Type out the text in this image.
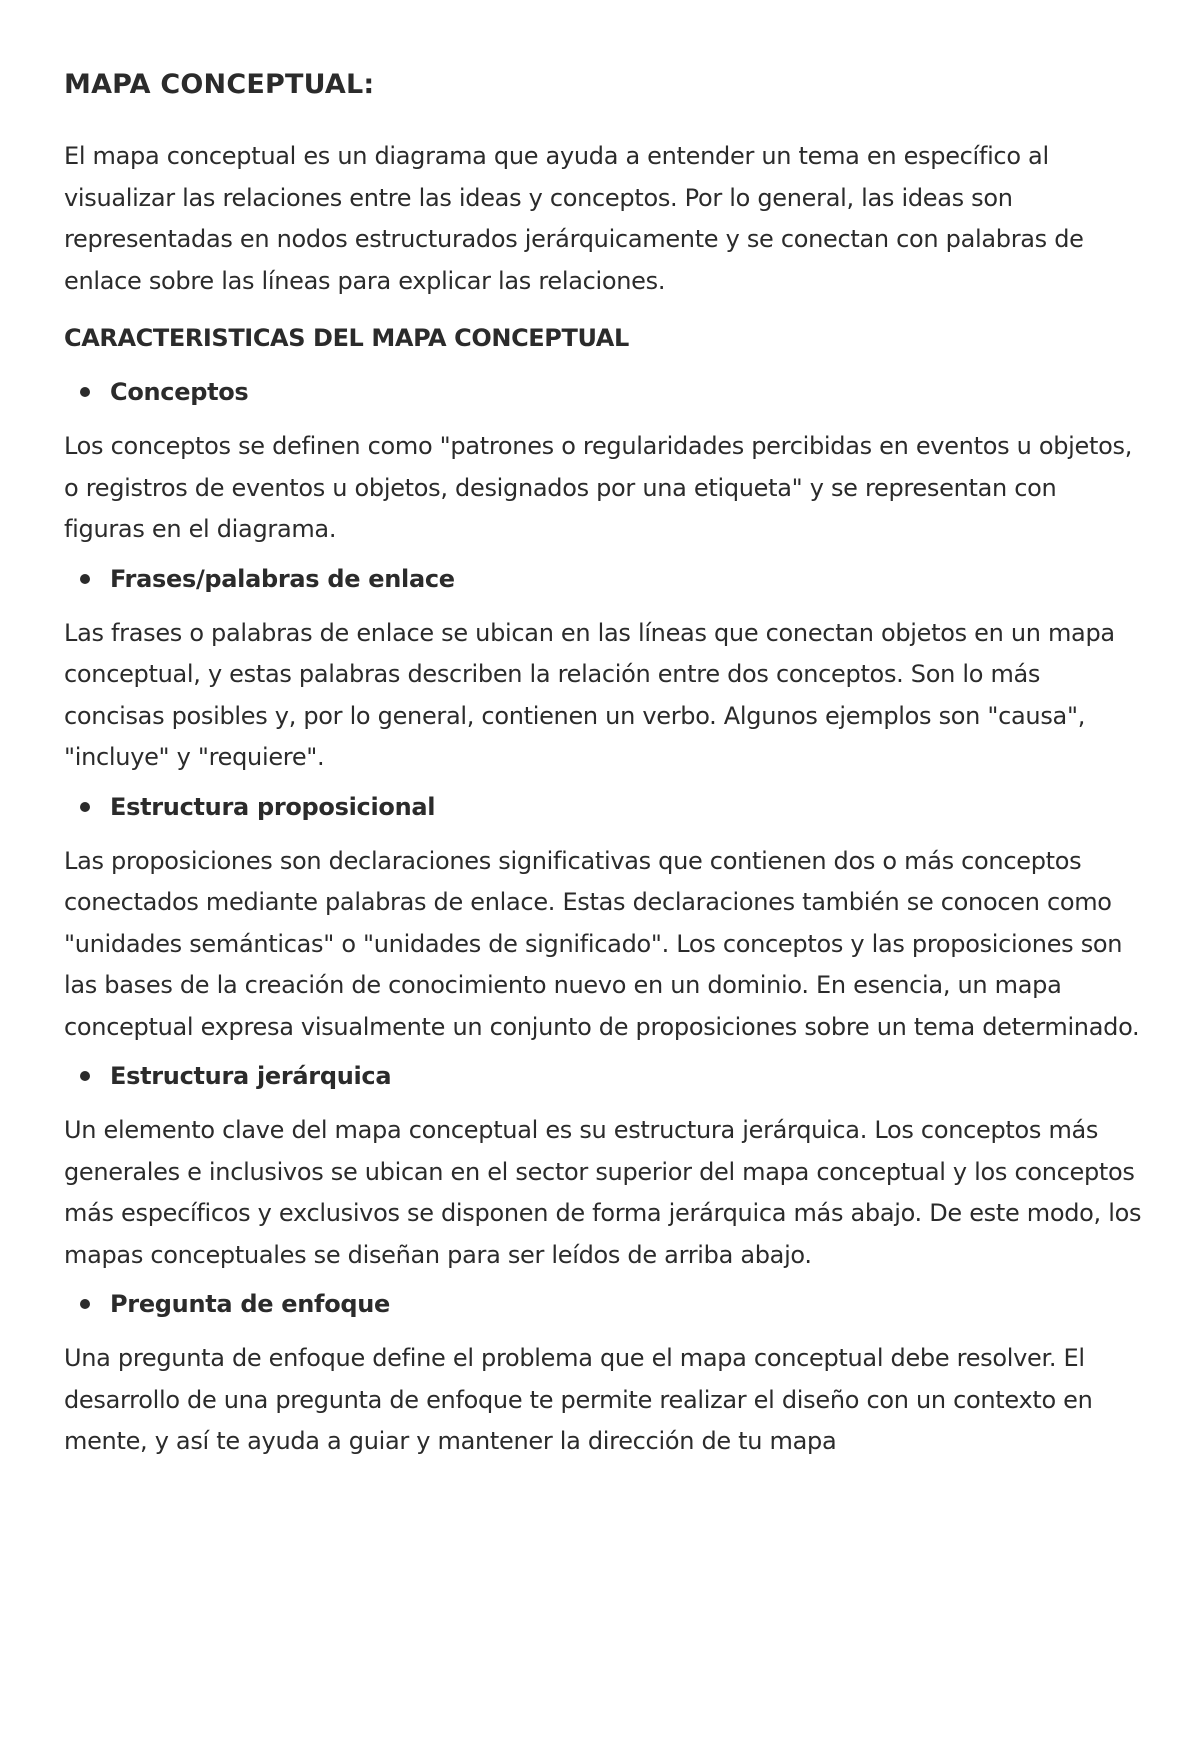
MAPA CONCEPTUAL:

El mapa conceptual es un diagrama que ayuda a entender un tema en específico al visualizar las relaciones entre las ideas y conceptos. Por lo general, las ideas son representadas en nodos estructurados jerárquicamente y se conectan con palabras de enlace sobre las líneas para explicar las relaciones.

CARACTERISTICAS DEL MAPA CONCEPTUAL
Conceptos

Los conceptos se definen como "patrones o regularidades percibidas en eventos u objetos, o registros de eventos u objetos, designados por una etiqueta" y se representan con figuras en el diagrama.

Frases/palabras de enlace

Las frases o palabras de enlace se ubican en las líneas que conectan objetos en un mapa conceptual, y estas palabras describen la relación entre dos conceptos. Son lo más concisas posibles y, por lo general, contienen un verbo. Algunos ejemplos son "causa", "incluye" y "requiere".

Estructura proposicional

Las proposiciones son declaraciones significativas que contienen dos o más conceptos conectados mediante palabras de enlace. Estas declaraciones también se conocen como "unidades semánticas" o "unidades de significado". Los conceptos y las proposiciones son las bases de la creación de conocimiento nuevo en un dominio. En esencia, un mapa conceptual expresa visualmente un conjunto de proposiciones sobre un tema determinado.

Estructura jerárquica

Un elemento clave del mapa conceptual es su estructura jerárquica. Los conceptos más generales e inclusivos se ubican en el sector superior del mapa conceptual y los conceptos más específicos y exclusivos se disponen de forma jerárquica más abajo. De este modo, los mapas conceptuales se diseñan para ser leídos de arriba abajo.

Pregunta de enfoque

Una pregunta de enfoque define el problema que el mapa conceptual debe resolver. El desarrollo de una pregunta de enfoque te permite realizar el diseño con un contexto en mente, y así te ayuda a guiar y mantener la dirección de tu mapa
